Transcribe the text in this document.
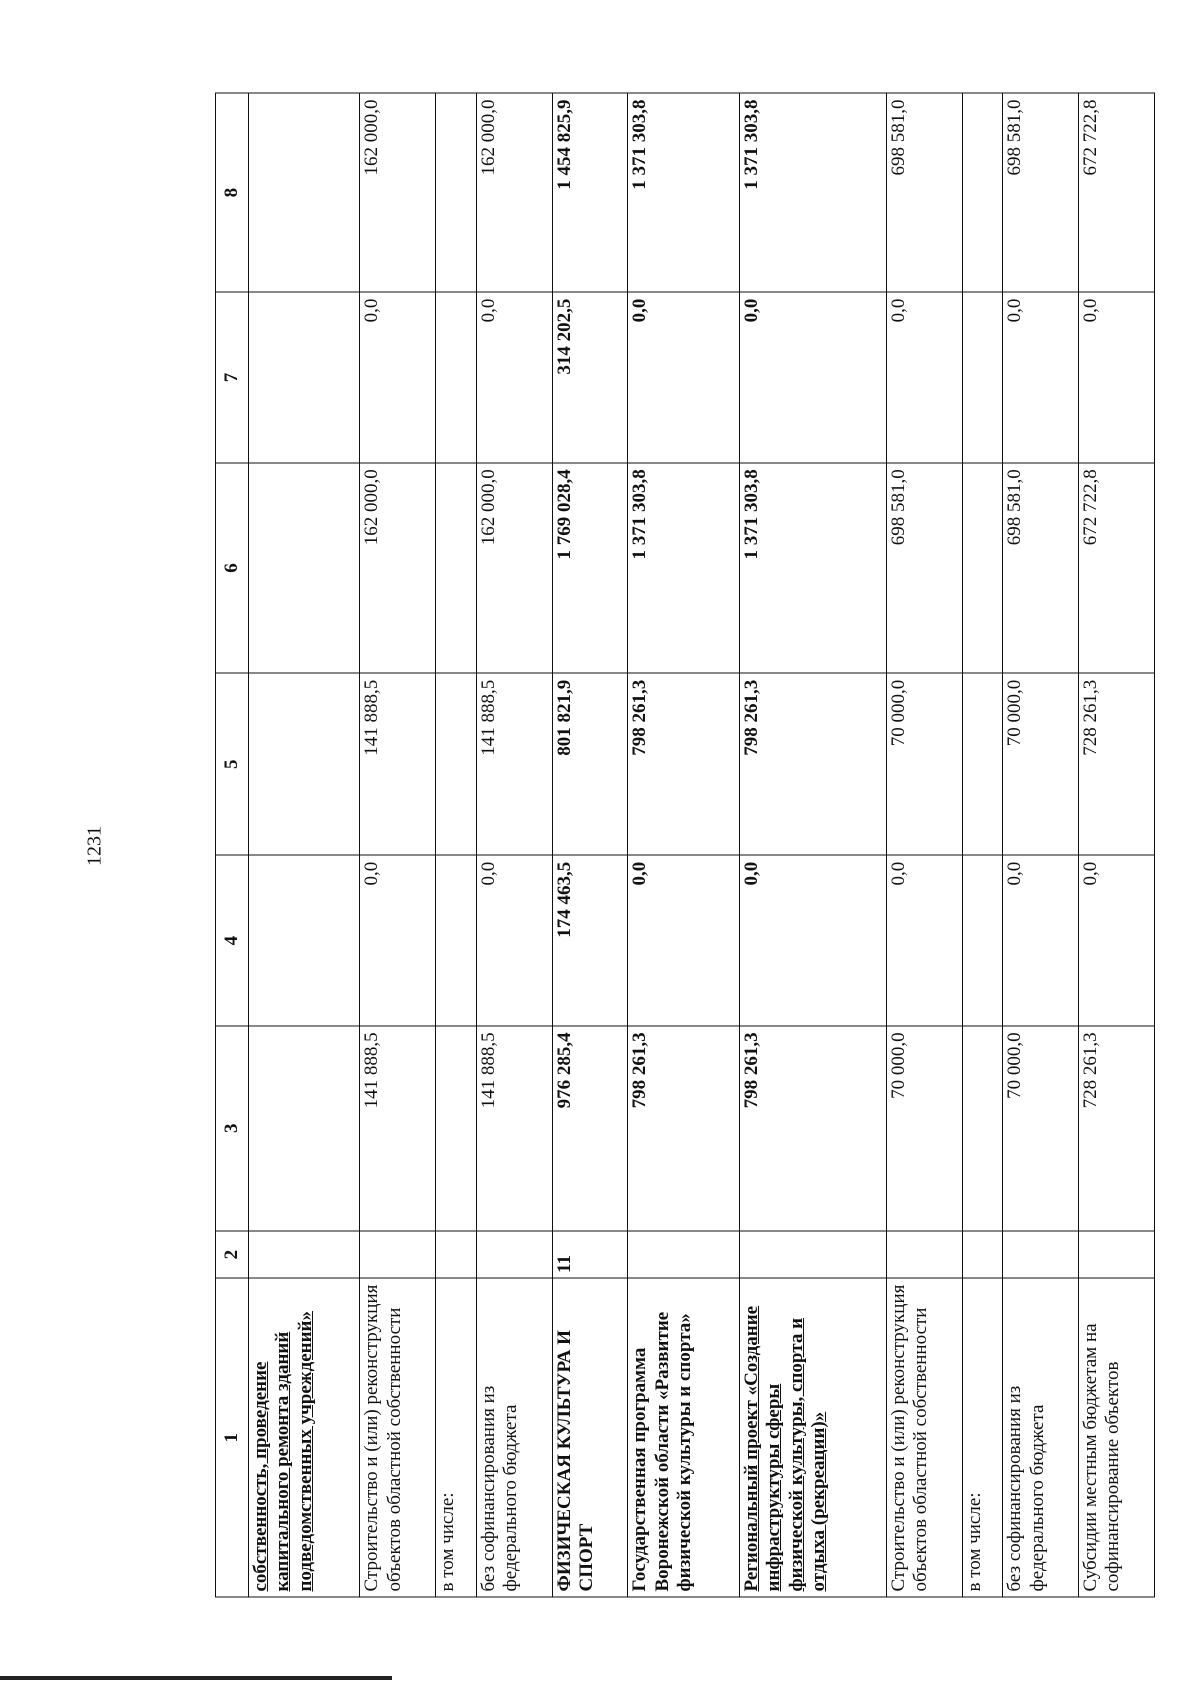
1231
1	2	3	4	5	6	7	8
собственность, проведение капитального ремонта зданий подведомственных учреждений»							
Строительство и (или) реконструкция объектов областной собственности		141 888,5	0,0	141 888,5	162 000,0	0,0	162 000,0
в том числе:							
без софинансирования из федерального бюджета		141 888,5	0,0	141 888,5	162 000,0	0,0	162 000,0
ФИЗИЧЕСКАЯ КУЛЬТУРА И СПОРТ	11	976 285,4	174 463,5	801 821,9	1 769 028,4	314 202,5	1 454 825,9
Государственная программа Воронежской области «Развитие физической культуры и спорта»		798 261,3	0,0	798 261,3	1 371 303,8	0,0	1 371 303,8
Региональный проект «Создание инфраструктуры сферы физической культуры, спорта и отдыха (рекреации)»		798 261,3	0,0	798 261,3	1 371 303,8	0,0	1 371 303,8
Строительство и (или) реконструкция объектов областной собственности		70 000,0	0,0	70 000,0	698 581,0	0,0	698 581,0
в том числе:							
без софинансирования из федерального бюджета		70 000,0	0,0	70 000,0	698 581,0	0,0	698 581,0
Субсидии местным бюджетам на софинансирование объектов		728 261,3	0,0	728 261,3	672 722,8	0,0	672 722,8
